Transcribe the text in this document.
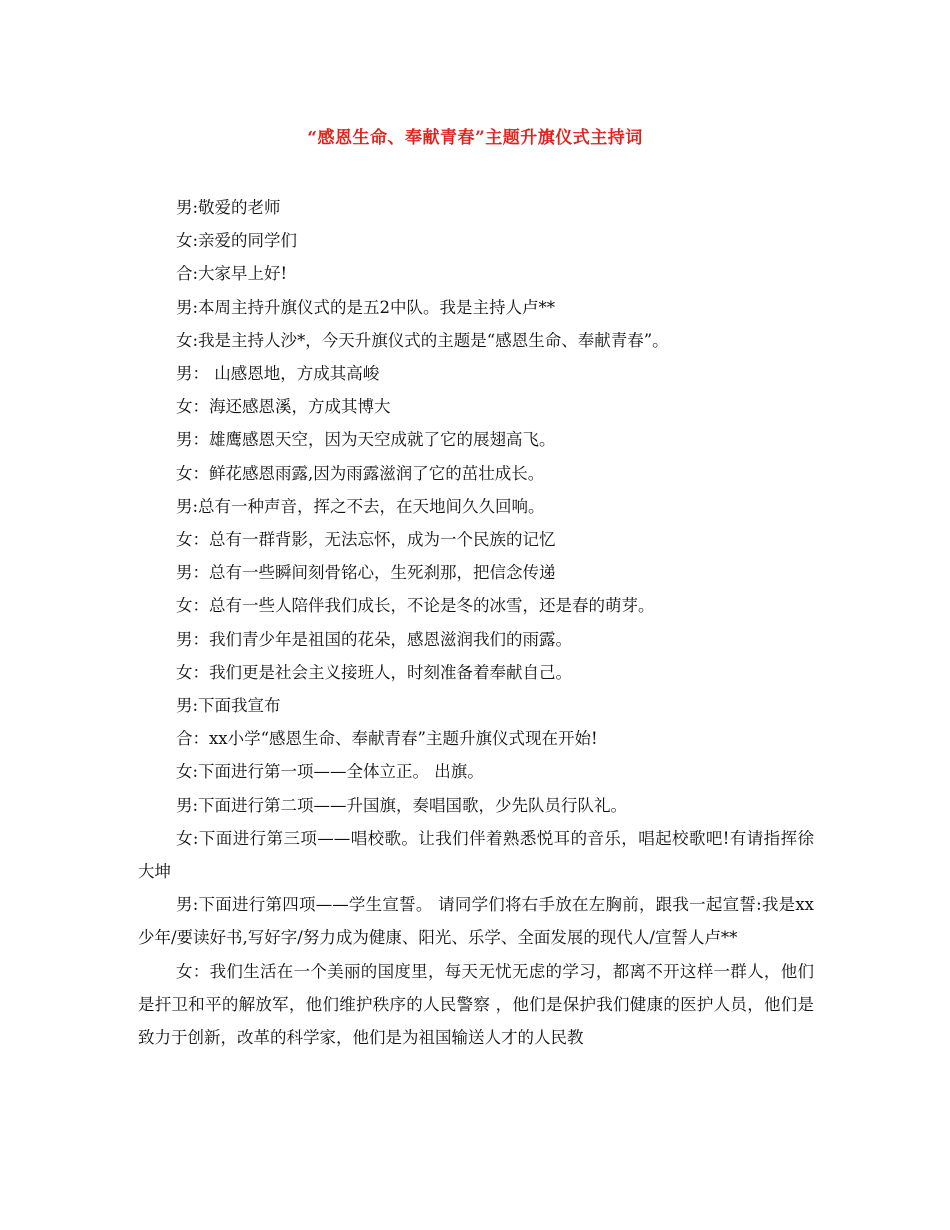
“感恩生命、奉献青春”主题升旗仪式主持词

男:敬爱的老师

女:亲爱的同学们

合:大家早上好!

男:本周主持升旗仪式的是五2中队。我是主持人卢**

女:我是主持人沙*，今天升旗仪式的主题是“感恩生命、奉献青春”。

男： 山感恩地，方成其高峻

女：海还感恩溪，方成其博大

男：雄鹰感恩天空，因为天空成就了它的展翅高飞。

女：鲜花感恩雨露,因为雨露滋润了它的茁壮成长。

男:总有一种声音，挥之不去，在天地间久久回响。

女：总有一群背影，无法忘怀，成为一个民族的记忆

男：总有一些瞬间刻骨铭心，生死刹那，把信念传递

女：总有一些人陪伴我们成长，不论是冬的冰雪，还是春的萌芽。

男：我们青少年是祖国的花朵，感恩滋润我们的雨露。

女：我们更是社会主义接班人，时刻准备着奉献自己。

男:下面我宣布

合：xx小学“感恩生命、奉献青春”主题升旗仪式现在开始!

女:下面进行第一项——全体立正。 出旗。

男:下面进行第二项——升国旗，奏唱国歌，少先队员行队礼。

女:下面进行第三项——唱校歌。让我们伴着熟悉悦耳的音乐，唱起校歌吧!有请指挥徐大坤

男:下面进行第四项——学生宣誓。 请同学们将右手放在左胸前，跟我一起宣誓:我是xx少年/要读好书,写好字/努力成为健康、阳光、乐学、全面发展的现代人/宣誓人卢**

女：我们生活在一个美丽的国度里，每天无忧无虑的学习，都离不开这样一群人，他们是扞卫和平的解放军，他们维护秩序的人民警察 ，他们是保护我们健康的医护人员，他们是致力于创新，改革的科学家，他们是为祖国输送人才的人民教
